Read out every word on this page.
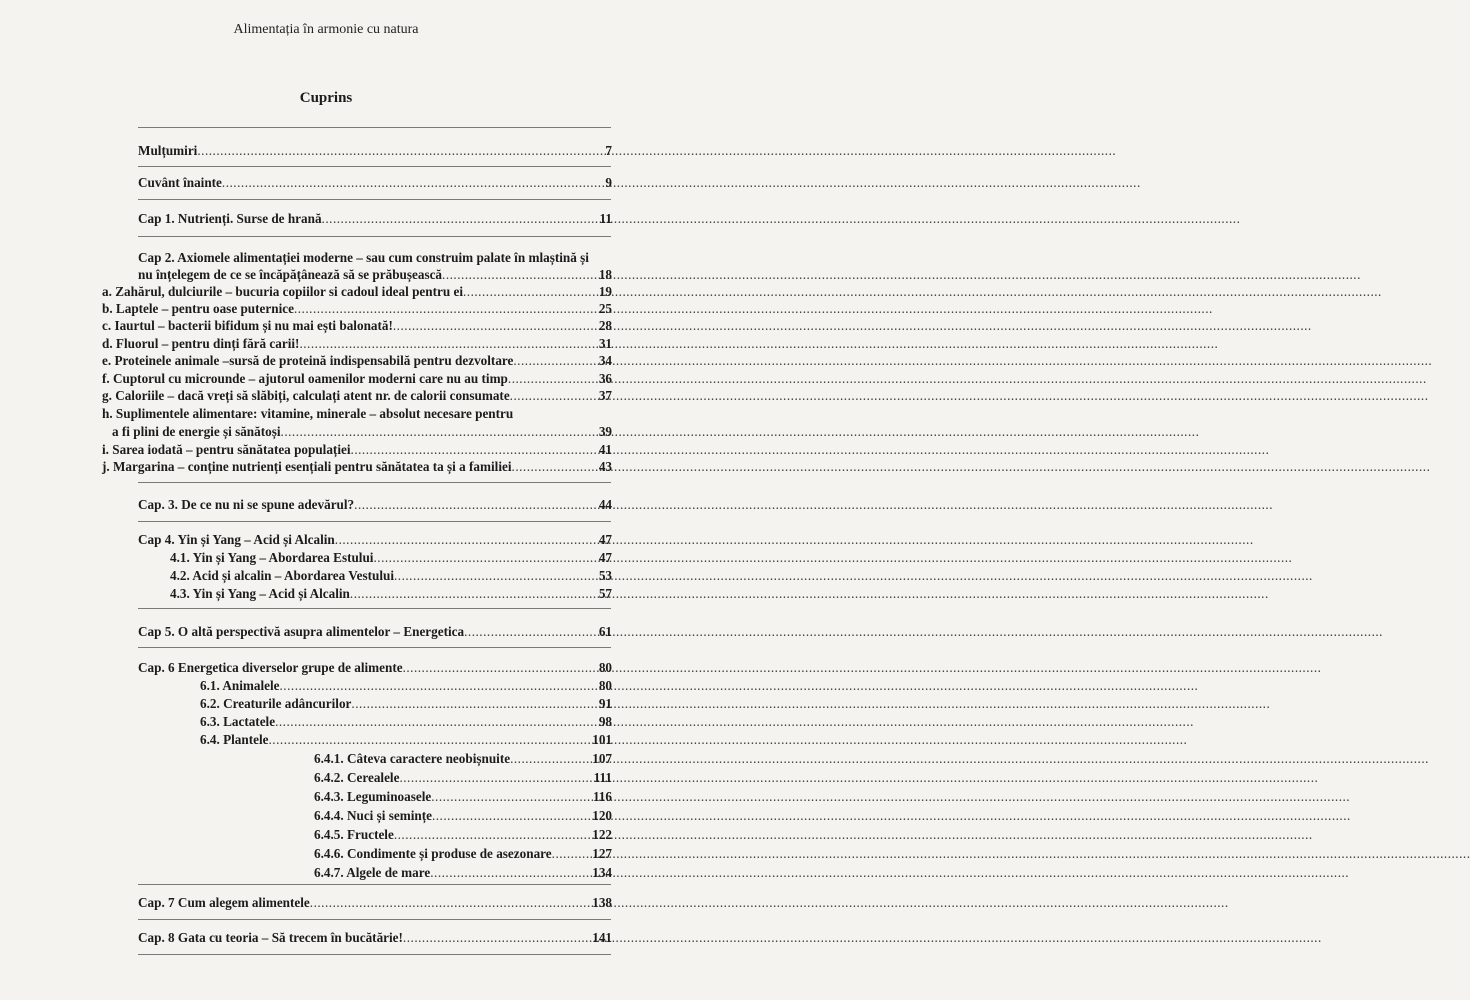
Alimentația în armonie cu natura
Cuprins
Mulțumiri .....	7
Cuvânt înainte .....	9
Cap 1. Nutrienți. Surse de hrană .....	11
Cap 2. Axiomele alimentației moderne – sau cum construim palate în mlaștină și
nu înțelegem de ce se încăpățânează să se prăbușească .....	18
a. Zahărul, dulciurile – bucuria copiilor si cadoul ideal pentru ei .....	19
b. Laptele – pentru oase puternice .....	25
c. Iaurtul – bacterii bifidum și nu mai ești balonată! .....	28
d. Fluorul – pentru dinți fără carii! .....	31
e. Proteinele animale –sursă de proteină indispensabilă pentru dezvoltare .....	34
f. Cuptorul cu microunde – ajutorul oamenilor moderni care nu au timp .....	36
g. Caloriile – dacă vreți să slăbiți, calculați atent nr. de calorii consumate .....	37
h. Suplimentele alimentare: vitamine, minerale – absolut necesare pentru
a fi plini de energie și sănătoși .....	39
i. Sarea iodată – pentru sănătatea populației .....	41
j. Margarina – conține nutrienți esențiali pentru sănătatea ta și a familiei .....	43
Cap. 3. De ce nu ni se spune adevărul? .....	44
Cap 4. Yin și Yang – Acid și Alcalin .....	47
4.1. Yin și Yang – Abordarea Estului .....	47
4.2. Acid și alcalin – Abordarea Vestului .....	53
4.3. Yin și Yang – Acid și Alcalin .....	57
Cap 5. O altă perspectivă asupra alimentelor – Energetica .....	61
Cap. 6 Energetica diverselor grupe de alimente .....	80
6.1. Animalele .....	80
6.2. Creaturile adâncurilor .....	91
6.3. Lactatele .....	98
6.4. Plantele .....	101
6.4.1. Câteva caractere neobișnuite .....	107
6.4.2. Cerealele .....	111
6.4.3. Leguminoasele .....	116
6.4.4. Nuci și semințe .....	120
6.4.5. Fructele .....	122
6.4.6. Condimente și produse de asezonare .....	127
6.4.7. Algele de mare .....	134
Cap. 7 Cum alegem alimentele .....	138
Cap. 8 Gata cu teoria – Să trecem în bucătărie! .....	141
